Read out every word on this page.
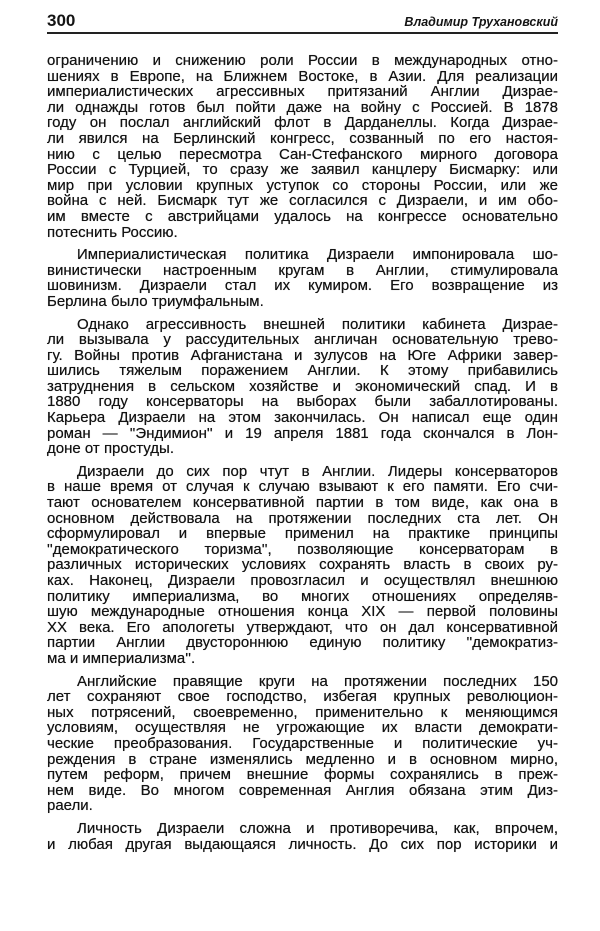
300	Владимир Трухановский
ограничению и снижению роли России в международных отно-
шениях в Европе, на Ближнем Востоке, в Азии. Для реализации
империалистических агрессивных притязаний Англии Дизрае-
ли однажды готов был пойти даже на войну с Россией. В 1878
году он послал английский флот в Дарданеллы. Когда Дизрае-
ли явился на Берлинский конгресс, созванный по его настоя-
нию с целью пересмотра Сан-Стефанского мирного договора
России с Турцией, то сразу же заявил канцлеру Бисмарку: или
мир при условии крупных уступок со стороны России, или же
война с ней. Бисмарк тут же согласился с Дизраели, и им обо-
им вместе с австрийцами удалось на конгрессе основательно
потеснить Россию.
Империалистическая политика Дизраели импонировала шо-
винистически настроенным кругам в Англии, стимулировала
шовинизм. Дизраели стал их кумиром. Его возвращение из
Берлина было триумфальным.
Однако агрессивность внешней политики кабинета Дизрае-
ли вызывала у рассудительных англичан основательную трево-
гу. Войны против Афганистана и зулусов на Юге Африки завер-
шились тяжелым поражением Англии. К этому прибавились
затруднения в сельском хозяйстве и экономический спад. И в
1880 году консерваторы на выборах были забаллотированы.
Карьера Дизраели на этом закончилась. Он написал еще один
роман — ''Эндимион'' и 19 апреля 1881 года скончался в Лон-
доне от простуды.
Дизраели до сих пор чтут в Англии. Лидеры консерваторов
в наше время от случая к случаю взывают к его памяти. Его счи-
тают основателем консервативной партии в том виде, как она в
основном действовала на протяжении последних ста лет. Он
сформулировал и впервые применил на практике принципы
''демократического торизма'', позволяющие консерваторам в
различных исторических условиях сохранять власть в своих ру-
ках. Наконец, Дизраели провозгласил и осуществлял внешнюю
политику империализма, во многих отношениях определяв-
шую международные отношения конца XIX — первой половины
XX века. Его апологеты утверждают, что он дал консервативной
партии Англии двустороннюю единую политику ''демократиз-
ма и империализма''.
Английские правящие круги на протяжении последних 150
лет сохраняют свое господство, избегая крупных революцион-
ных потрясений, своевременно, применительно к меняющимся
условиям, осуществляя не угрожающие их власти демократи-
ческие преобразования. Государственные и политические уч-
реждения в стране изменялись медленно и в основном мирно,
путем реформ, причем внешние формы сохранялись в преж-
нем виде. Во многом современная Англия обязана этим Диз-
раели.
Личность Дизраели сложна и противоречива, как, впрочем,
и любая другая выдающаяся личность. До сих пор историки и
